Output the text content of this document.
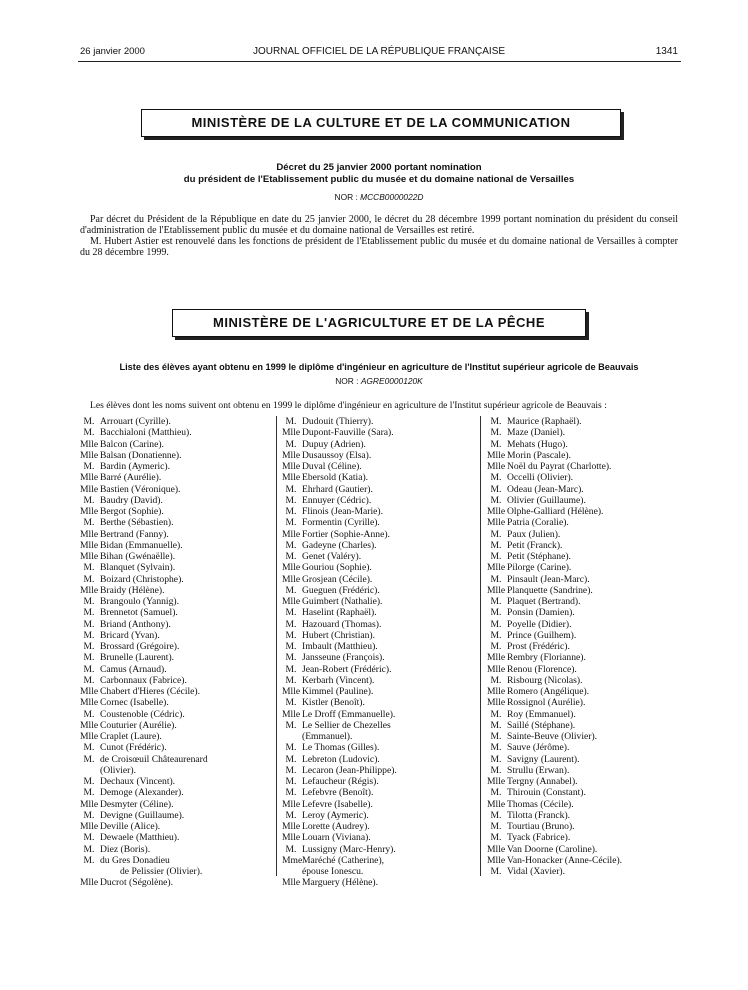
26 janvier 2000	JOURNAL OFFICIEL DE LA RÉPUBLIQUE FRANÇAISE	1341
MINISTÈRE DE LA CULTURE ET DE LA COMMUNICATION
Décret du 25 janvier 2000 portant nomination
du président de l'Etablissement public du musée et du domaine national de Versailles
NOR : MCCB0000022D

Par décret du Président de la République en date du 25 janvier 2000, le décret du 28 décembre 1999 portant nomination du président du conseil d'administration de l'Etablissement public du musée et du domaine national de Versailles est retiré.

M. Hubert Astier est renouvelé dans les fonctions de président de l'Etablissement public du musée et du domaine national de Versailles à compter du 28 décembre 1999.

MINISTÈRE DE L'AGRICULTURE ET DE LA PÊCHE
Liste des élèves ayant obtenu en 1999 le diplôme d'ingénieur en agriculture de l'Institut supérieur agricole de Beauvais
NOR : AGRE0000120K

Les élèves dont les noms suivent ont obtenu en 1999 le diplôme d'ingénieur en agriculture de l'Institut supérieur agricole de Beauvais :

M. Arrouart (Cyrille).
M. Bacchialoni (Matthieu).
Mlle Balcon (Carine).
Mlle Balsan (Donatienne).
M. Bardin (Aymeric).
Mlle Barré (Aurélie).
Mlle Bastien (Véronique).
M. Baudry (David).
Mlle Bergot (Sophie).
M. Berthe (Sébastien).
Mlle Bertrand (Fanny).
Mlle Bidan (Emmanuelle).
Mlle Bihan (Gwénaëlle).
M. Blanquet (Sylvain).
M. Boizard (Christophe).
Mlle Braidy (Hélène).
M. Brangoulo (Yannig).
M. Brennetot (Samuel).
M. Briand (Anthony).
M. Bricard (Yvan).
M. Brossard (Grégoire).
M. Brunelle (Laurent).
M. Camus (Arnaud).
M. Carbonnaux (Fabrice).
Mlle Chabert d'Hieres (Cécile).
Mlle Cornec (Isabelle).
M. Coustenoble (Cédric).
Mlle Couturier (Aurélie).
Mlle Craplet (Laure).
M. Cunot (Frédéric).
M. de Croisœuil Châteaurenard
(Olivier).
M. Dechaux (Vincent).
M. Demoge (Alexander).
Mlle Desmyter (Céline).
M. Devigne (Guillaume).
Mlle Deville (Alice).
M. Dewaele (Matthieu).
M. Diez (Boris).
M. du Gres Donadieu
de Pelissier (Olivier).
Mlle Ducrot (Ségolène).
M. Dudouit (Thierry).
Mlle Dupont-Fauville (Sara).
M. Dupuy (Adrien).
Mlle Dusaussoy (Elsa).
Mlle Duval (Céline).
Mlle Ebersold (Katia).
M. Ehrhard (Gautier).
M. Ennuyer (Cédric).
M. Flinois (Jean-Marie).
M. Formentin (Cyrille).
Mlle Fortier (Sophie-Anne).
M. Gadeyne (Charles).
M. Genet (Valéry).
Mlle Gouriou (Sophie).
Mlle Grosjean (Cécile).
M. Gueguen (Frédéric).
Mlle Guimbert (Nathalie).
M. Haselint (Raphaël).
M. Hazouard (Thomas).
M. Hubert (Christian).
M. Imbault (Matthieu).
M. Jansseune (François).
M. Jean-Robert (Frédéric).
M. Kerbarh (Vincent).
Mlle Kimmel (Pauline).
M. Kistler (Benoît).
Mlle Le Droff (Emmanuelle).
M. Le Sellier de Chezelles
(Emmanuel).
M. Le Thomas (Gilles).
M. Lebreton (Ludovic).
M. Lecaron (Jean-Philippe).
M. Lefaucheur (Régis).
M. Lefebvre (Benoît).
Mlle Lefevre (Isabelle).
M. Leroy (Aymeric).
Mlle Lorette (Audrey).
Mlle Louarn (Viviana).
M. Lussigny (Marc-Henry).
MmeMaréché (Catherine),
épouse Ionescu.
Mlle Marguery (Hélène).
M. Maurice (Raphaël).
M. Maze (Daniel).
M. Mehats (Hugo).
Mlle Morin (Pascale).
Mlle Noël du Payrat (Charlotte).
M. Occelli (Olivier).
M. Odeau (Jean-Marc).
M. Olivier (Guillaume).
Mlle Olphe-Galliard (Hélène).
Mlle Patria (Coralie).
M. Paux (Julien).
M. Petit (Franck).
M. Petit (Stéphane).
Mlle Pilorge (Carine).
M. Pinsault (Jean-Marc).
Mlle Planquette (Sandrine).
M. Plaquet (Bertrand).
M. Ponsin (Damien).
M. Poyelle (Didier).
M. Prince (Guilhem).
M. Prost (Frédéric).
Mlle Rembry (Florianne).
Mlle Renou (Florence).
M. Risbourg (Nicolas).
Mlle Romero (Angélique).
Mlle Rossignol (Aurélie).
M. Roy (Emmanuel).
M. Saillé (Stéphane).
M. Sainte-Beuve (Olivier).
M. Sauve (Jérôme).
M. Savigny (Laurent).
M. Strullu (Erwan).
Mlle Tergny (Annabel).
M. Thirouin (Constant).
Mlle Thomas (Cécile).
M. Tilotta (Franck).
M. Tourtiau (Bruno).
M. Tyack (Fabrice).
Mlle Van Doorne (Caroline).
Mlle Van-Honacker (Anne-Cécile).
M. Vidal (Xavier).
